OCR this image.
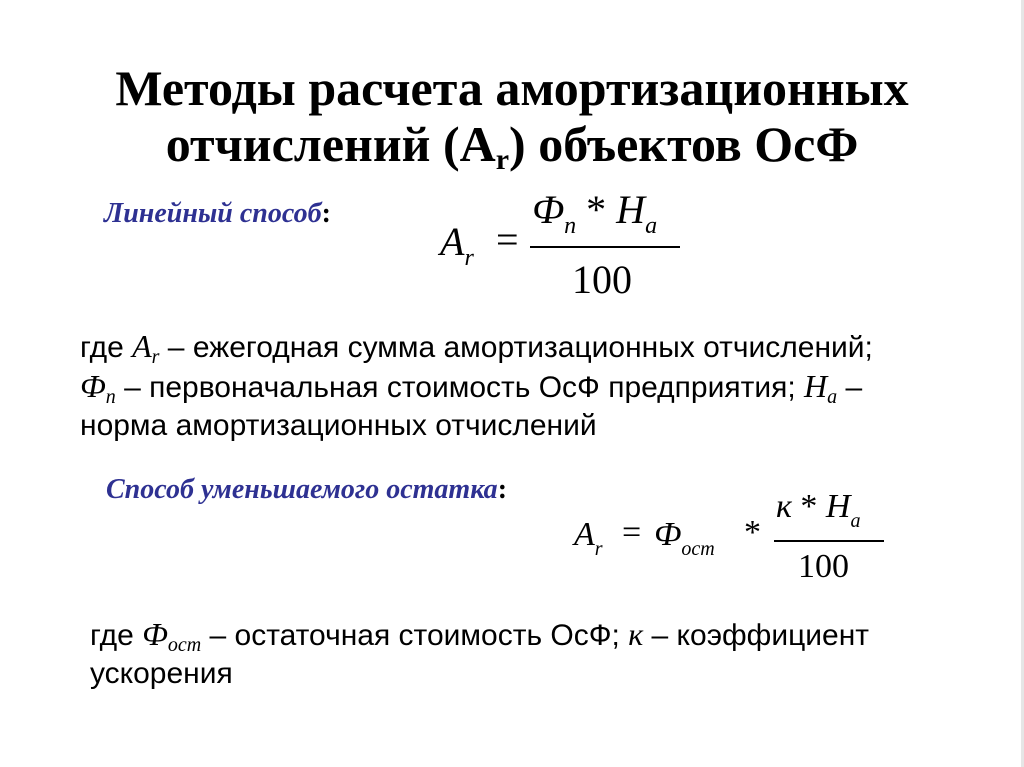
Методы расчета амортизационных
отчислений $(A_r)$ объектов ОсФ
Линейный способ:
$A_r$ =
$Ф_n * Н_a$
100
где $A_r$ – ежегодная сумма амортизационных отчислений;
$Ф_n$ – первоначальная стоимость ОсФ предприятия; $Н_a$ –
норма амортизационных отчислений
Способ уменьшаемого остатка:
$A_r = Ф_{ост}$ *
к * $Н_a$
100
где $Ф_{ост}$ – остаточная стоимость ОсФ; к – коэффициент
ускорения
